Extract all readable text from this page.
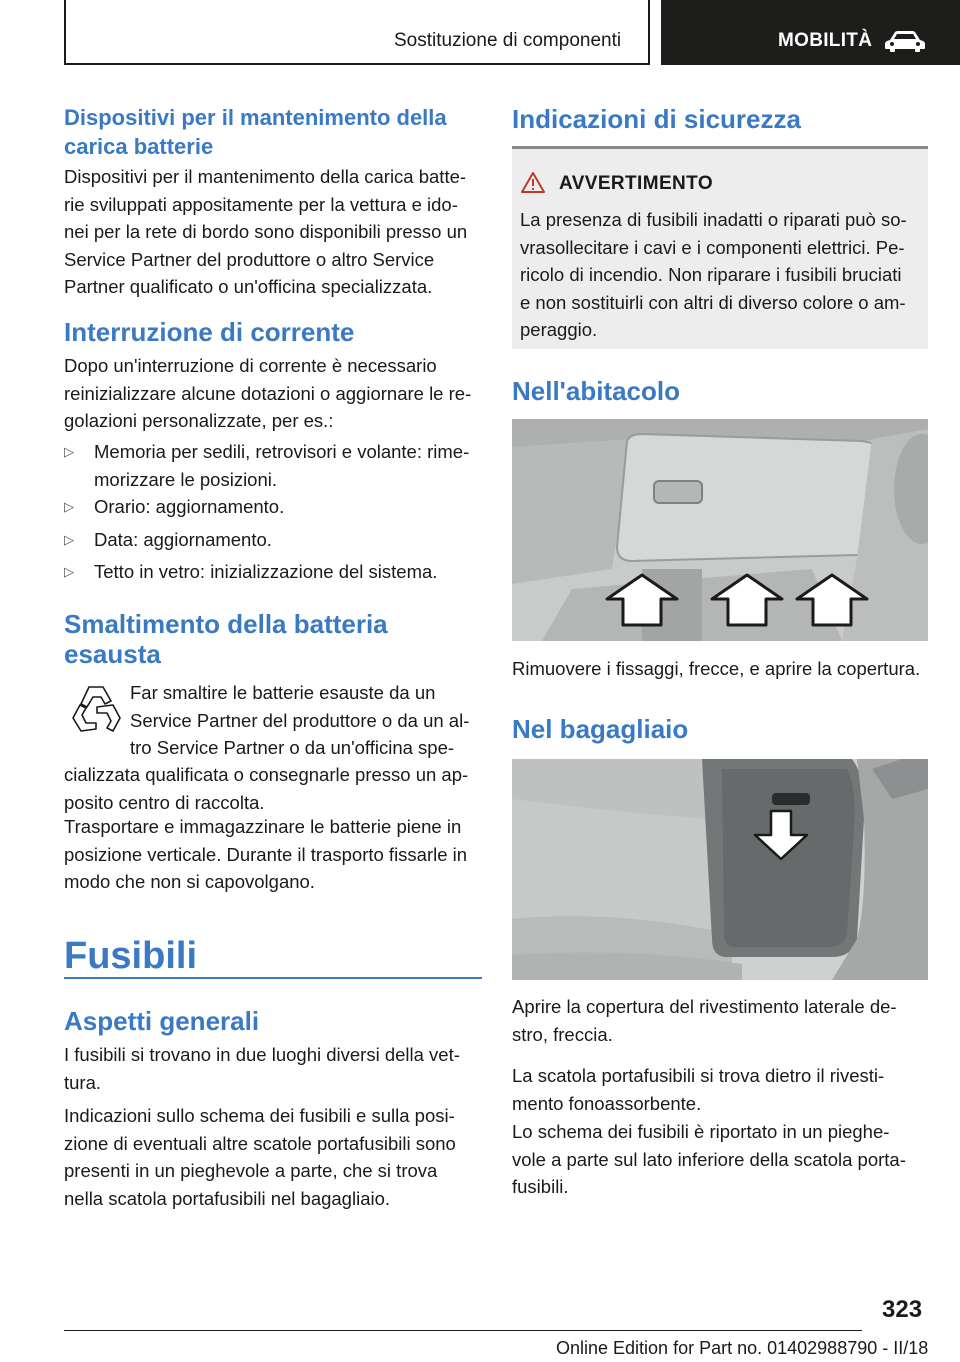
Sostituzione di componenti	MOBILITÀ
Dispositivi per il mantenimento della carica batterie
Dispositivi per il mantenimento della carica batte-
rie sviluppati appositamente per la vettura e ido-
nei per la rete di bordo sono disponibili presso un
Service Partner del produttore o altro Service
Partner qualificato o un'officina specializzata.
Interruzione di corrente
Dopo un'interruzione di corrente è necessario
reinizializzare alcune dotazioni o aggiornare le re-
golazioni personalizzate, per es.:
▷ Memoria per sedili, retrovisori e volante: rime-
morizzare le posizioni.
▷ Orario: aggiornamento.
▷ Data: aggiornamento.
▷ Tetto in vetro: inizializzazione del sistema.
Smaltimento della batteria
esausta
Far smaltire le batterie esauste da un
Service Partner del produttore o da un al-
tro Service Partner o da un'officina spe-
cializzata qualificata o consegnarle presso un ap-
posito centro di raccolta.
Trasportare e immagazzinare le batterie piene in
posizione verticale. Durante il trasporto fissarle in
modo che non si capovolgano.
Fusibili
Aspetti generali
I fusibili si trovano in due luoghi diversi della vet-
tura.
Indicazioni sullo schema dei fusibili e sulla posi-
zione di eventuali altre scatole portafusibili sono
presenti in un pieghevole a parte, che si trova
nella scatola portafusibili nel bagagliaio.
Indicazioni di sicurezza
AVVERTIMENTO
La presenza di fusibili inadatti o riparati può so-
vrasollecitare i cavi e i componenti elettrici. Pe-
ricolo di incendio. Non riparare i fusibili bruciati
e non sostituirli con altri di diverso colore o am-
peraggio.
Nell'abitacolo
Rimuovere i fissaggi, frecce, e aprire la copertura.
Nel bagagliaio
Aprire la copertura del rivestimento laterale de-
stro, freccia.
La scatola portafusibili si trova dietro il rivesti-
mento fonoassorbente.
Lo schema dei fusibili è riportato in un pieghe-
vole a parte sul lato inferiore della scatola porta-
fusibili.
323
Online Edition for Part no. 01402988790 - II/18
